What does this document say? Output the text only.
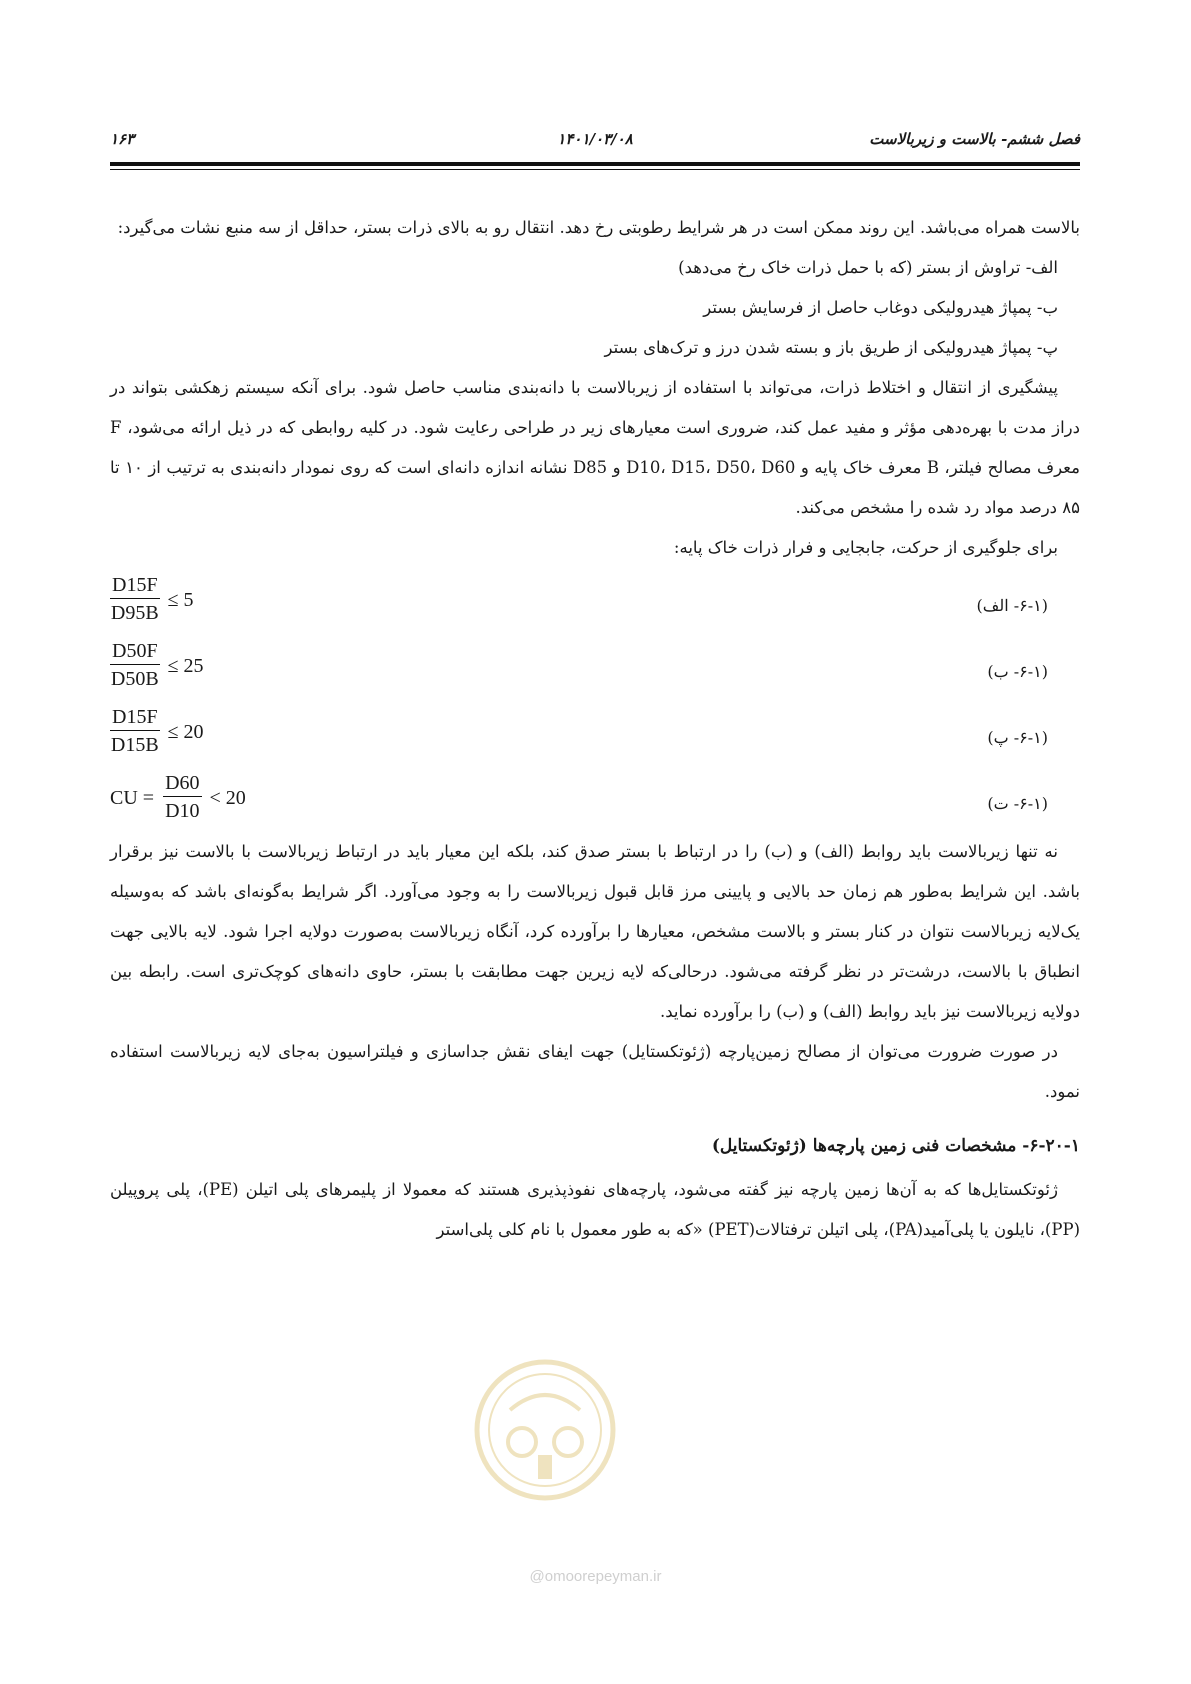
فصل ششم- بالاست و زیربالاست
۱۴۰۱/۰۳/۰۸
۱۶۳

بالاست همراه می‌باشد. این روند ممکن است در هر شرایط رطوبتی رخ دهد. انتقال رو به بالای ذرات بستر، حداقل از سه منبع نشات می‌گیرد:

الف- تراوش از بستر (که با حمل ذرات خاک رخ می‌دهد)

ب- پمپاژ هیدرولیکی دوغاب حاصل از فرسایش بستر

پ- پمپاژ هیدرولیکی از طریق باز و بسته شدن درز و ترک‌های بستر

پیشگیری از انتقال و اختلاط ذرات، می‌تواند با استفاده از زیربالاست با دانه‌بندی مناسب حاصل شود. برای آنکه سیستم زهکشی بتواند در دراز مدت با بهره‌دهی مؤثر و مفید عمل کند، ضروری است معیارهای زیر در طراحی رعایت شود. در کلیه روابطی که در ذیل ارائه می‌شود، F معرف مصالح فیلتر، B معرف خاک پایه و D10، D15، D50، D60 و D85 نشانه اندازه دانه‌ای است که روی نمودار دانه‌بندی به ترتیب از ۱۰ تا ۸۵ درصد مواد رد شده را مشخص می‌کند.

برای جلوگیری از حرکت، جابجایی و فرار ذرات خاک پایه:

$\frac{D15F}{D95B} \le 5$	(۶-۱- الف)
$\frac{D50F}{D50B} \le 25$	(۶-۱- ب)
$\frac{D15F}{D15B} \le 20$	(۶-۱- پ)
CU = $\frac{D60}{D10} < 20$	(۶-۱- ت)

نه تنها زیربالاست باید روابط (الف) و (ب) را در ارتباط با بستر صدق کند، بلکه این معیار باید در ارتباط زیربالاست با بالاست نیز برقرار باشد. این شرایط به‌طور هم زمان حد بالایی و پایینی مرز قابل قبول زیربالاست را به وجود می‌آورد. اگر شرایط به‌گونه‌ای باشد که به‌وسیله یک‌لایه زیربالاست نتوان در کنار بستر و بالاست مشخص، معیارها را برآورده کرد، آنگاه زیربالاست به‌صورت دولایه اجرا شود. لایه بالایی جهت انطباق با بالاست، درشت‌تر در نظر گرفته می‌شود. درحالی‌که لایه زیرین جهت مطابقت با بستر، حاوی دانه‌های کوچک‌تری است. رابطه بین دولایه زیربالاست نیز باید روابط (الف) و (ب) را برآورده نماید.

در صورت ضرورت می‌توان از مصالح زمین‌پارچه (ژئوتکستایل) جهت ایفای نقش جداسازی و فیلتراسیون به‌جای لایه زیربالاست استفاده نمود.

۶-۲۰-۱- مشخصات فنی زمین پارچه‌ها (ژئوتکستایل)

ژئوتکستایل‌ها که به آن‌ها زمین پارچه نیز گفته می‌شود، پارچه‌های نفوذپذیری هستند که معمولا از پلیمرهای پلی اتیلن (PE)، پلی پروپیلن (PP)، نایلون یا پلی‌آمید(PA)، پلی اتیلن ترفتالات(PET) «که به طور معمول با نام کلی پلی‌استر

@omoorepeyman.ir
